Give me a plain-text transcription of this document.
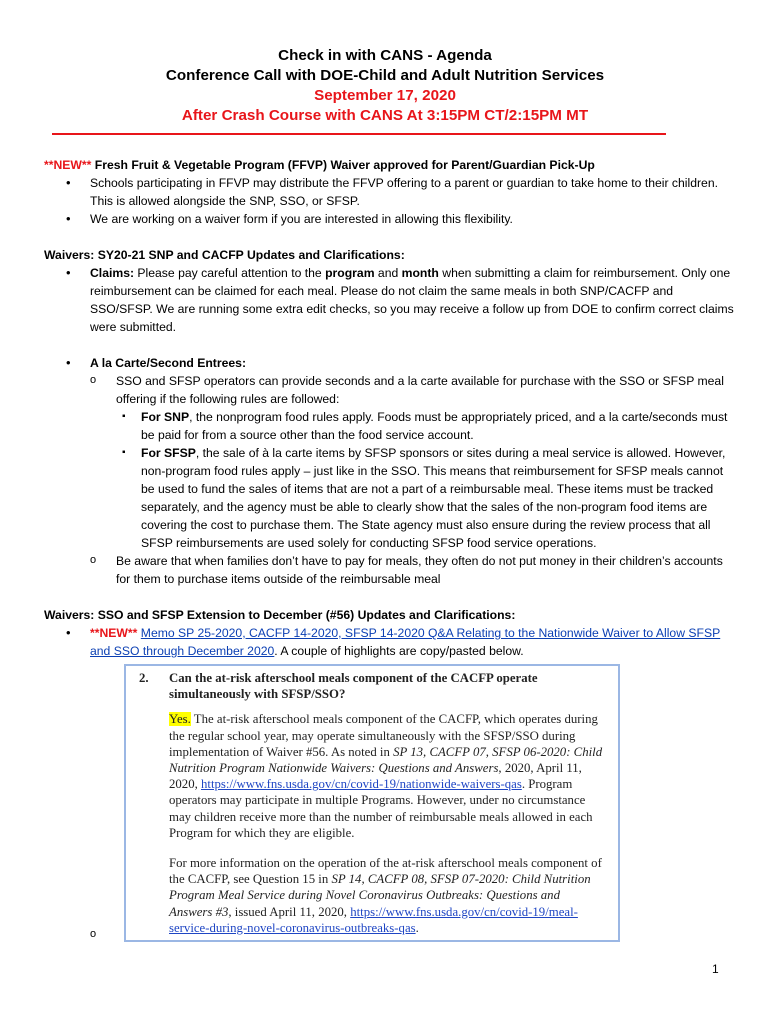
Check in with CANS - Agenda
Conference Call with DOE-Child and Adult Nutrition Services
September 17, 2020
After Crash Course with CANS At 3:15PM CT/2:15PM MT

**NEW** Fresh Fruit & Vegetable Program (FFVP) Waiver approved for Parent/Guardian Pick-Up

• Schools participating in FFVP may distribute the FFVP offering to a parent or guardian to take home to their children. This is allowed alongside the SNP, SSO, or SFSP.
• We are working on a waiver form if you are interested in allowing this flexibility.

Waivers: SY20-21 SNP and CACFP Updates and Clarifications:

• Claims: Please pay careful attention to the program and month when submitting a claim for reimbursement. Only one reimbursement can be claimed for each meal. Please do not claim the same meals in both SNP/CACFP and SSO/SFSP. We are running some extra edit checks, so you may receive a follow up from DOE to confirm correct claims were submitted.
• A la Carte/Second Entrees:
o SSO and SFSP operators can provide seconds and a la carte available for purchase with the SSO or SFSP meal offering if the following rules are followed:
▪ For SNP, the nonprogram food rules apply. Foods must be appropriately priced, and a la carte/seconds must be paid for from a source other than the food service account.
▪ For SFSP, the sale of à la carte items by SFSP sponsors or sites during a meal service is allowed. However, non-program food rules apply – just like in the SSO. This means that reimbursement for SFSP meals cannot be used to fund the sales of items that are not a part of a reimbursable meal. These items must be tracked separately, and the agency must be able to clearly show that the sales of the non-program food items are covering the cost to purchase them. The State agency must also ensure during the review process that all SFSP reimbursements are used solely for conducting SFSP food service operations.
o Be aware that when families don’t have to pay for meals, they often do not put money in their children’s accounts for them to purchase items outside of the reimbursable meal

Waivers: SSO and SFSP Extension to December (#56) Updates and Clarifications:

• **NEW** Memo SP 25-2020, CACFP 14-2020, SFSP 14-2020 Q&A Relating to the Nationwide Waiver to Allow SFSP and SSO through December 2020. A couple of highlights are copy/pasted below.
2.	Can the at-risk afterschool meals component of the CACFP operate simultaneously with SFSP/SSO?

Yes. The at-risk afterschool meals component of the CACFP, which operates during the regular school year, may operate simultaneously with the SFSP/SSO during implementation of Waiver #56. As noted in SP 13, CACFP 07, SFSP 06-2020: Child Nutrition Program Nationwide Waivers: Questions and Answers, 2020, April 11, 2020, https://www.fns.usda.gov/cn/covid-19/nationwide-waivers-qas. Program operators may participate in multiple Programs. However, under no circumstance may children receive more than the number of reimbursable meals allowed in each Program for which they are eligible.

For more information on the operation of the at-risk afterschool meals component of the CACFP, see Question 15 in SP 14, CACFP 08, SFSP 07-2020: Child Nutrition Program Meal Service during Novel Coronavirus Outbreaks: Questions and Answers #3, issued April 11, 2020, https://www.fns.usda.gov/cn/covid-19/meal-service-during-novel-coronavirus-outbreaks-qas.

o
1
